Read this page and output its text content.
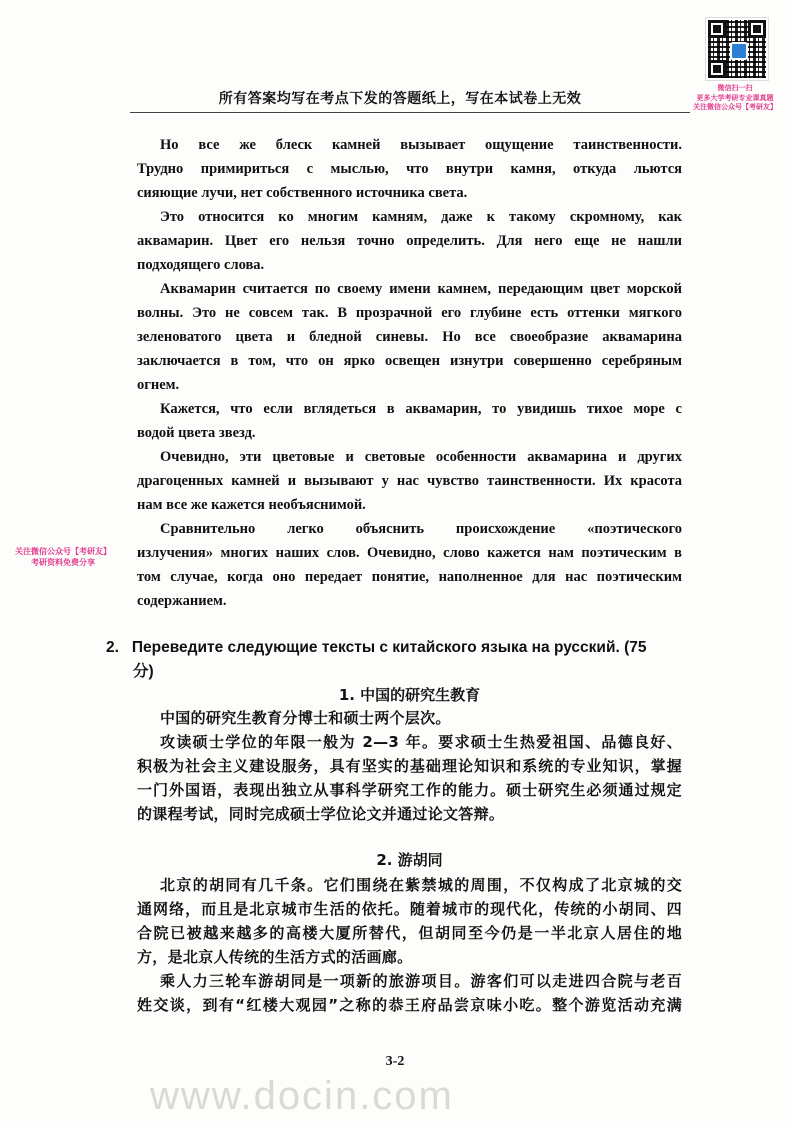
微信扫一扫
更多大学考研专业课真题
关注微信公众号【考研友】
所有答案均写在考点下发的答题纸上，写在本试卷上无效
Но все же блеск камней вызывает ощущение таинственности.
Трудно примириться с мыслью, что внутри камня, откуда льются
сияющие лучи, нет собственного источника света.
Это относится ко многим камням, даже к такому скромному, как
аквамарин. Цвет его нельзя точно определить. Для него еще не нашли
подходящего слова.
Аквамарин считается по своему имени камнем, передающим цвет морской
волны. Это не совсем так. В прозрачной его глубине есть оттенки мягкого
зеленоватого цвета и бледной синевы. Но все своеобразие аквамарина
заключается в том, что он ярко освещен изнутри совершенно серебряным
огнем.
Кажется, что если вглядеться в аквамарин, то увидишь тихое море с
водой цвета звезд.
Очевидно, эти цветовые и световые особенности аквамарина и других
драгоценных камней и вызывают у нас чувство таинственности. Их красота
нам все же кажется необъяснимой.
Сравнительно легко объяснить происхождение «поэтического
излучения» многих наших слов. Очевидно, слово кажется нам поэтическим в
том случае, когда оно передает понятие, наполненное для нас поэтическим
содержанием.
关注微信公众号【考研友】
考研资料免费分享
2. Переведите следующие тексты с китайского языка на русский. (75
分)
1. 中国的研究生教育
中国的研究生教育分博士和硕士两个层次。
攻读硕士学位的年限一般为 2—3 年。要求硕士生热爱祖国、品德良好、
积极为社会主义建设服务，具有坚实的基础理论知识和系统的专业知识，掌握
一门外国语，表现出独立从事科学研究工作的能力。硕士研究生必须通过规定
的课程考试，同时完成硕士学位论文并通过论文答辩。
2. 游胡同
北京的胡同有几千条。它们围绕在紫禁城的周围，不仅构成了北京城的交
通网络，而且是北京城市生活的依托。随着城市的现代化，传统的小胡同、四
合院已被越来越多的高楼大厦所替代，但胡同至今仍是一半北京人居住的地
方，是北京人传统的生活方式的活画廊。
乘人力三轮车游胡同是一项新的旅游项目。游客们可以走进四合院与老百
姓交谈，到有“红楼大观园”之称的恭王府品尝京味小吃。整个游览活动充满
3-2
www.docin.com
